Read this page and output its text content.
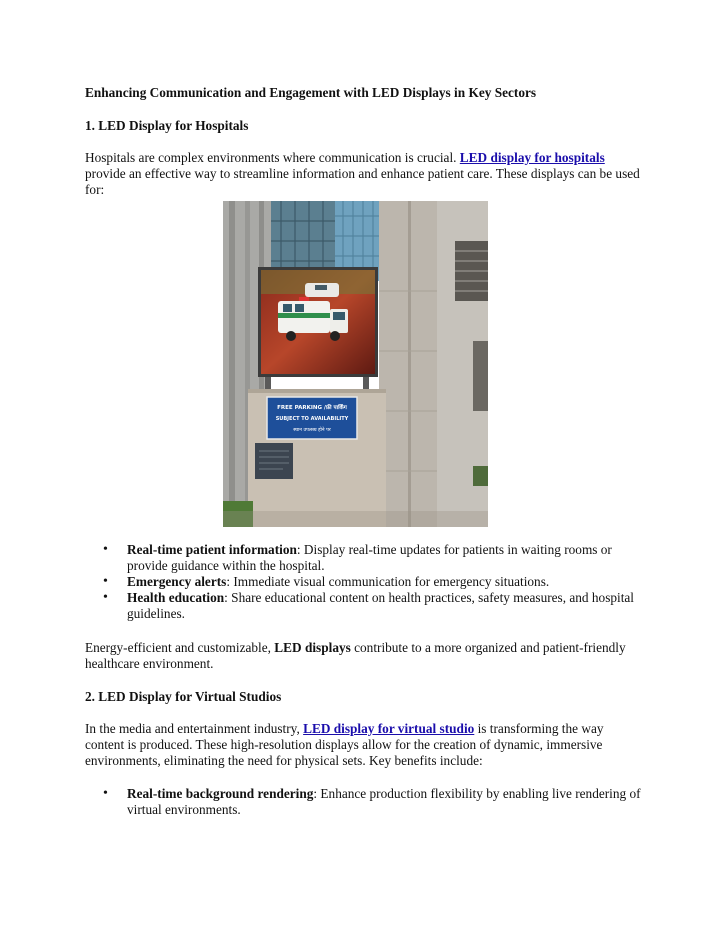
Enhancing Communication and Engagement with LED Displays in Key Sectors
1. LED Display for Hospitals

Hospitals are complex environments where communication is crucial. LED display for hospitals provide an effective way to streamline information and enhance patient care. These displays can be used for:

FREE PARKING /फ्री पार्किंग
SUBJECT TO AVAILABILITY
स्थान उपलब्ध होने पर
• Real-time patient information: Display real-time updates for patients in waiting rooms or provide guidance within the hospital.
• Emergency alerts: Immediate visual communication for emergency situations.
• Health education: Share educational content on health practices, safety measures, and hospital guidelines.

Energy-efficient and customizable, LED displays contribute to a more organized and patient-friendly healthcare environment.

2. LED Display for Virtual Studios

In the media and entertainment industry, LED display for virtual studio is transforming the way content is produced. These high-resolution displays allow for the creation of dynamic, immersive environments, eliminating the need for physical sets. Key benefits include:

• Real-time background rendering: Enhance production flexibility by enabling live rendering of virtual environments.
